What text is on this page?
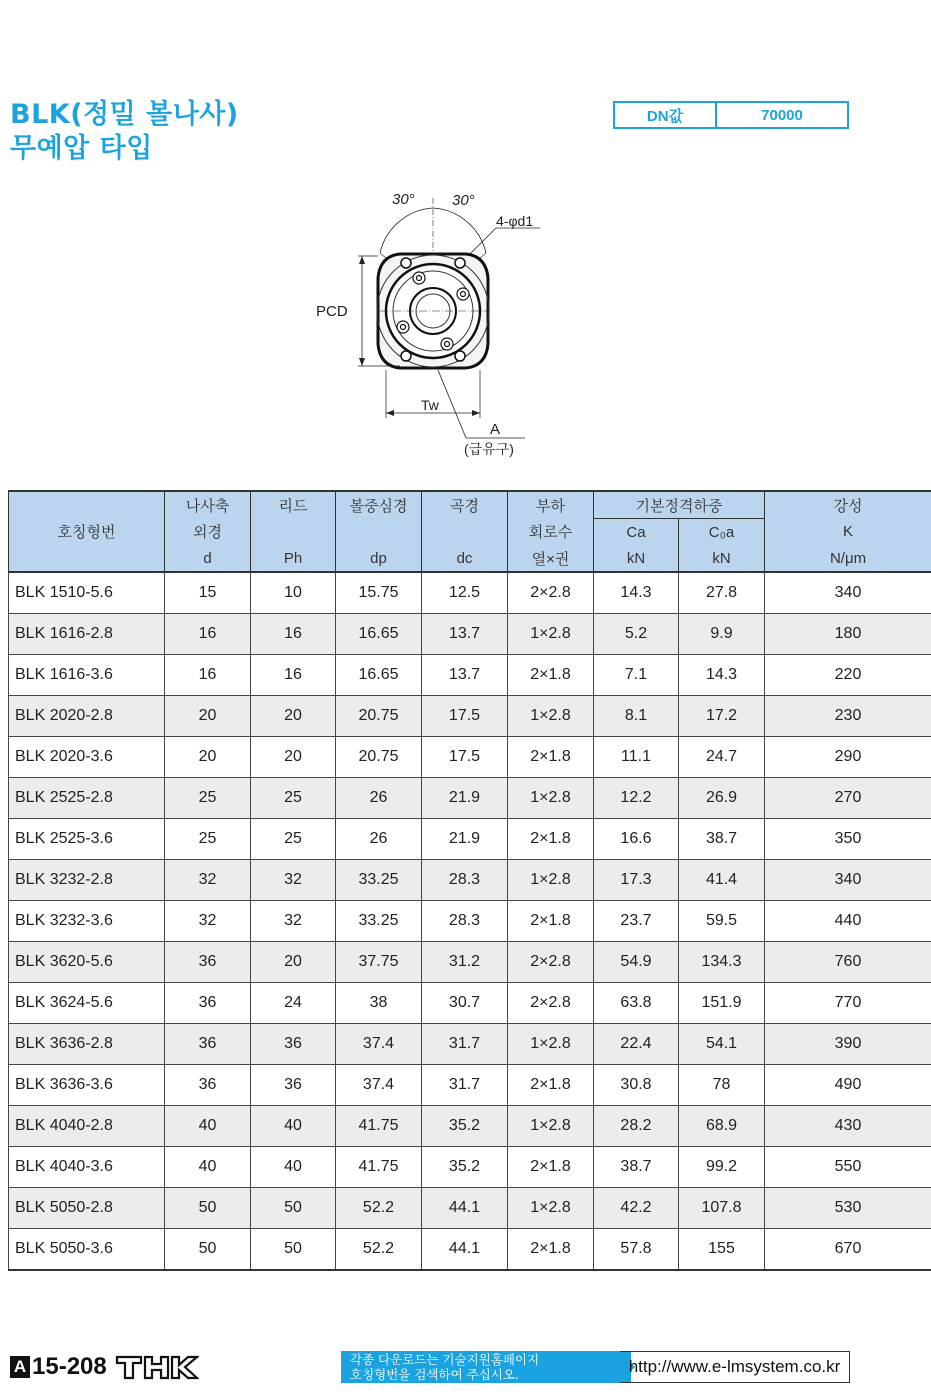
BLK(정밀 볼나사)
무예압 타입
DN값	70000
30° 30°
4-φd1
PCD
Tw
A
(급유구)
호칭형번	나사축	리드	볼중심경	곡경	부하	기본정격하중		강성
	외경				회로수	Ca	C₀a	K
	d	Ph	dp	dc	열×권	kN	kN	N/μm
BLK 1510-5.6	15	10	15.75	12.5	2×2.8	14.3	27.8	340
BLK 1616-2.8	16	16	16.65	13.7	1×2.8	5.2	9.9	180
BLK 1616-3.6	16	16	16.65	13.7	2×1.8	7.1	14.3	220
BLK 2020-2.8	20	20	20.75	17.5	1×2.8	8.1	17.2	230
BLK 2020-3.6	20	20	20.75	17.5	2×1.8	11.1	24.7	290
BLK 2525-2.8	25	25	26	21.9	1×2.8	12.2	26.9	270
BLK 2525-3.6	25	25	26	21.9	2×1.8	16.6	38.7	350
BLK 3232-2.8	32	32	33.25	28.3	1×2.8	17.3	41.4	340
BLK 3232-3.6	32	32	33.25	28.3	2×1.8	23.7	59.5	440
BLK 3620-5.6	36	20	37.75	31.2	2×2.8	54.9	134.3	760
BLK 3624-5.6	36	24	38	30.7	2×2.8	63.8	151.9	770
BLK 3636-2.8	36	36	37.4	31.7	1×2.8	22.4	54.1	390
BLK 3636-3.6	36	36	37.4	31.7	2×1.8	30.8	78	490
BLK 4040-2.8	40	40	41.75	35.2	1×2.8	28.2	68.9	430
BLK 4040-3.6	40	40	41.75	35.2	2×1.8	38.7	99.2	550
BLK 5050-2.8	50	50	52.2	44.1	1×2.8	42.2	107.8	530
BLK 5050-3.6	50	50	52.2	44.1	2×1.8	57.8	155	670
A 15-208	각종 다운로드는 기술지원홈페이지
호칭형번을 검색하여 주십시오.	http://www.e-lmsystem.co.kr
